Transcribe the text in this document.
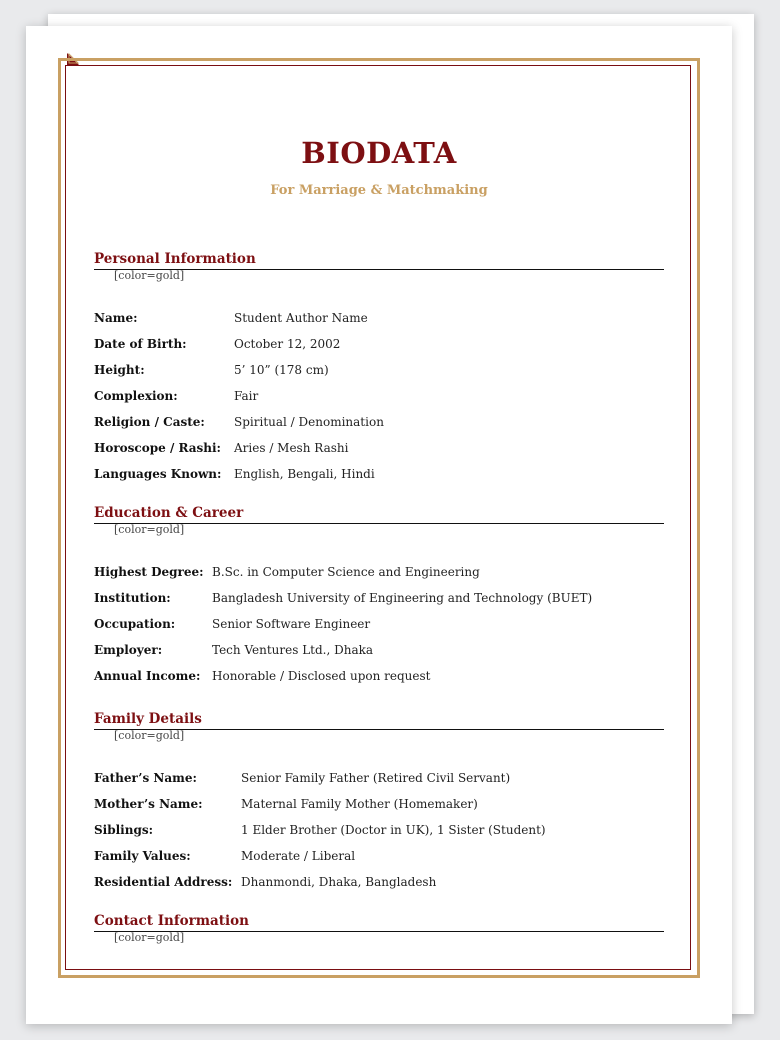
BIODATA
For Marriage & Matchmaking
Personal Information
[color=gold]
Name:	Student Author Name
Date of Birth:	October 12, 2002
Height:	5’ 10” (178 cm)
Complexion:	Fair
Religion / Caste:	Spiritual / Denomination
Horoscope / Rashi:	Aries / Mesh Rashi
Languages Known:	English, Bengali, Hindi
Education & Career
[color=gold]
Highest Degree: B.Sc. in Computer Science and Engineering
Institution:	Bangladesh University of Engineering and Technology (BUET)
Occupation:	Senior Software Engineer
Employer:	Tech Ventures Ltd., Dhaka
Annual Income: Honorable / Disclosed upon request
Family Details
[color=gold]
Father’s Name:	Senior Family Father (Retired Civil Servant)
Mother’s Name:	Maternal Family Mother (Homemaker)
Siblings:	1 Elder Brother (Doctor in UK), 1 Sister (Student)
Family Values:	Moderate / Liberal
Residential Address: Dhanmondi, Dhaka, Bangladesh
Contact Information
[color=gold]
